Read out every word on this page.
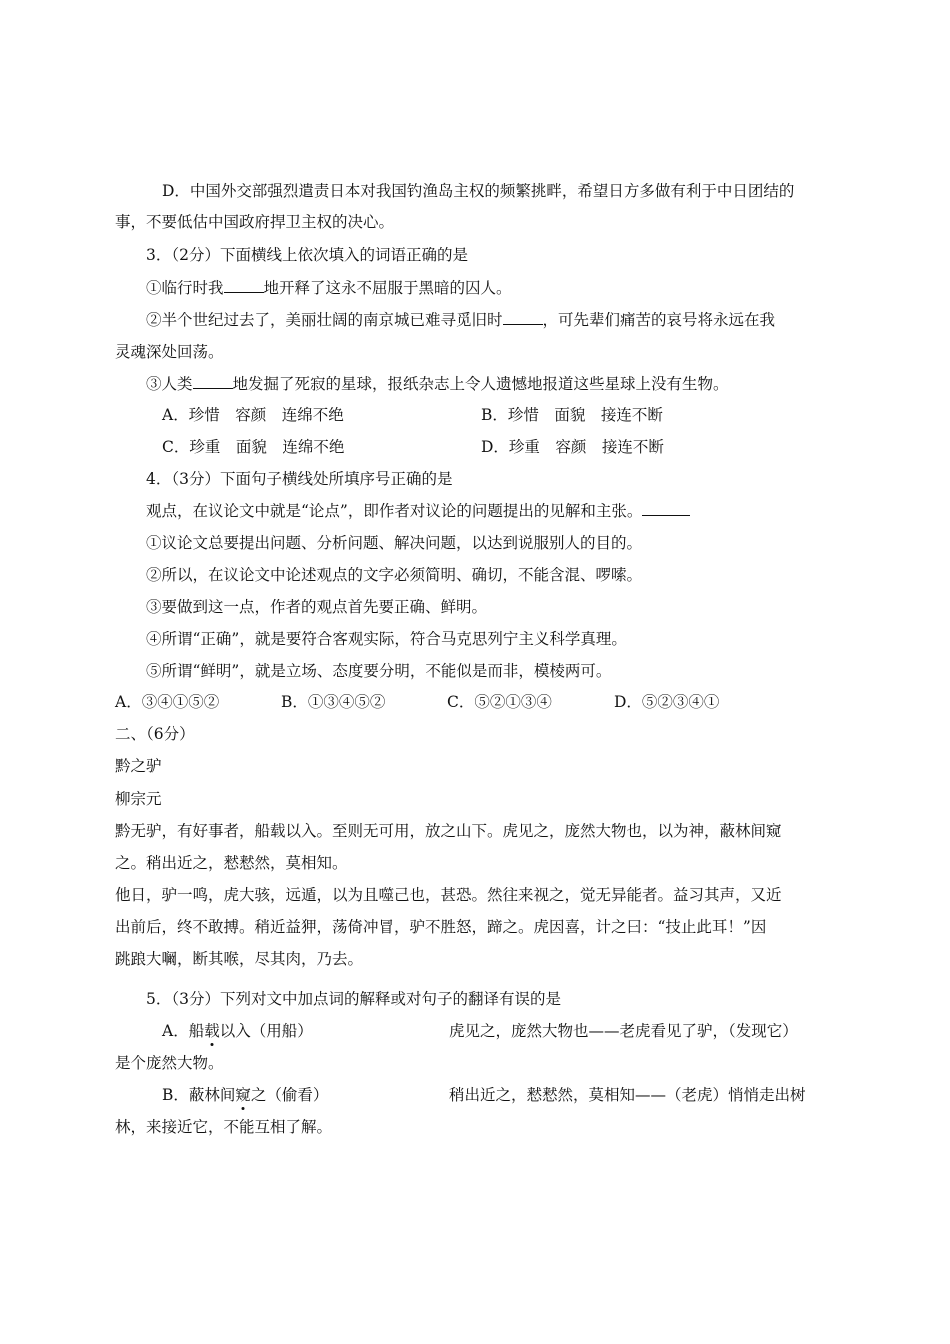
D．中国外交部强烈遣责日本对我国钓渔岛主权的频繁挑畔，希望日方多做有利于中日团结的
事，不要低估中国政府捍卫主权的决心。
3．（2分）下面横线上依次填入的词语正确的是
①临行时我	地开释了这永不屈服于黑暗的囚人。
②半个世纪过去了，美丽壮阔的南京城已难寻觅旧时	，可先辈们痛苦的哀号将永远在我
灵魂深处回荡。
③人类	地发掘了死寂的星球，报纸杂志上令人遗憾地报道这些星球上没有生物。
A．珍惜　容颜　连绵不绝	B．珍惜　面貌　接连不断
C．珍重　面貌　连绵不绝	D．珍重　容颜　接连不断
4．（3分）下面句子横线处所填序号正确的是
观点，在议论文中就是“论点”，即作者对议论的问题提出的见解和主张。
①议论文总要提出问题、分析问题、解决问题，以达到说服别人的目的。
②所以，在议论文中论述观点的文字必须简明、确切，不能含混、啰嗦。
③要做到这一点，作者的观点首先要正确、鲜明。
④所谓“正确”，就是要符合客观实际，符合马克思列宁主义科学真理。
⑤所谓“鲜明”，就是立场、态度要分明，不能似是而非，模棱两可。
A．③④①⑤②	B．①③④⑤②	C．⑤②①③④	D．⑤②③④①
二、（6分）
黔之驴
柳宗元
黔无驴，有好事者，船载以入。至则无可用，放之山下。虎见之，庞然大物也，以为神，蔽林间窥
之。稍出近之，慭慭然，莫相知。
他日，驴一鸣，虎大骇，远遁，以为且噬己也，甚恐。然往来视之，觉无异能者。益习其声，又近
出前后，终不敢搏。稍近益狎，荡倚冲冒，驴不胜怒，蹄之。虎因喜，计之曰：“技止此耳！”因
跳踉大㘎，断其喉，尽其肉，乃去。
5．（3分）下列对文中加点词的解释或对句子的翻译有误的是
A．船载以入（用船）	虎见之，庞然大物也——老虎看见了驴，（发现它）
是个庞然大物。
B．蔽林间窥之（偷看）	稍出近之，慭慭然，莫相知——（老虎）悄悄走出树
林，来接近它，不能互相了解。
